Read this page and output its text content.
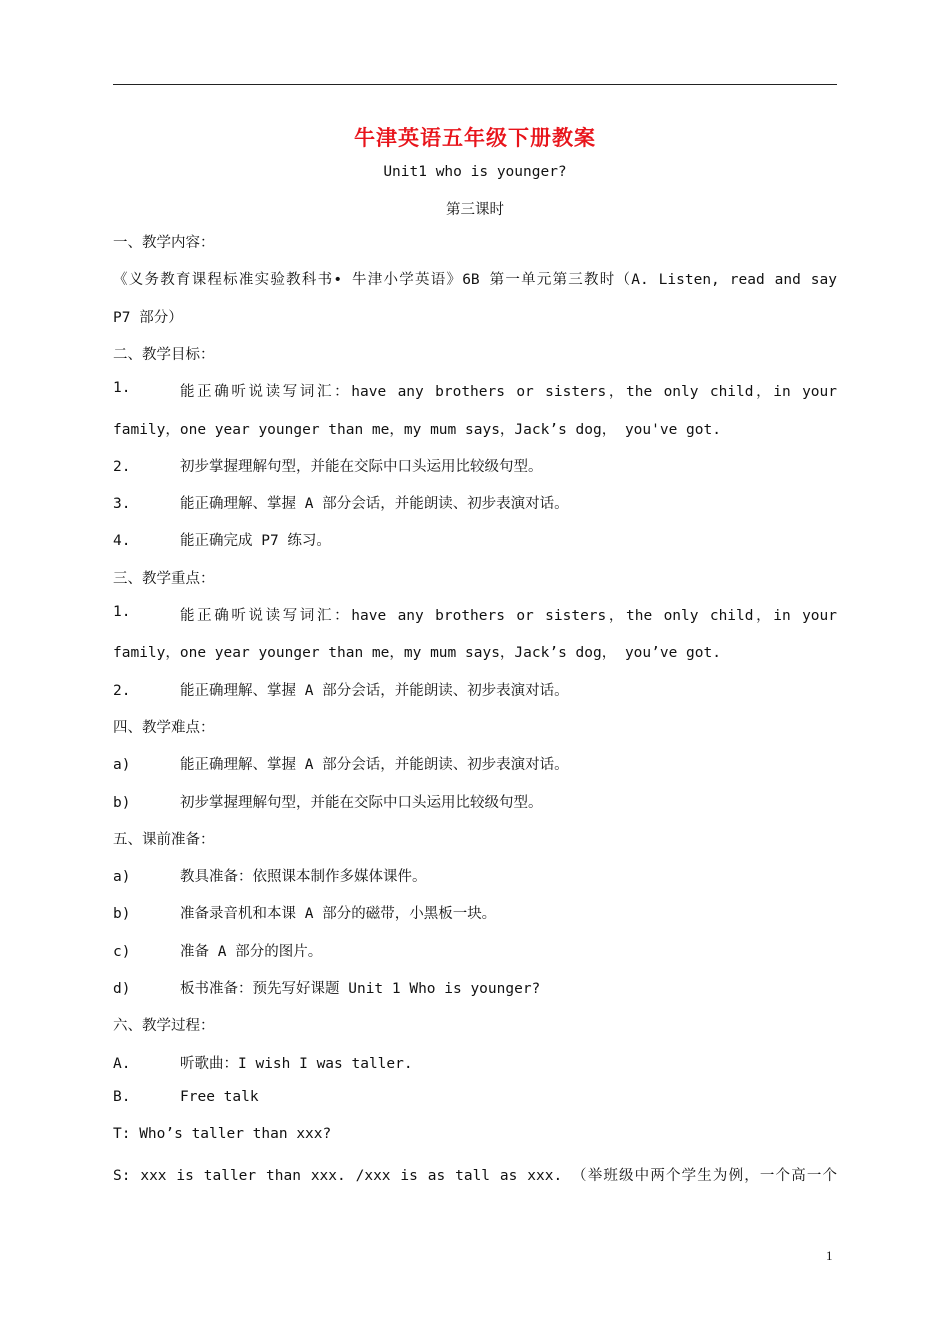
牛津英语五年级下册教案
Unit1 who is younger?
第三课时
一、教学内容：
《义务教育课程标准实验教科书• 牛津小学英语》6B 第一单元第三教时（A. Listen, read and say
P7 部分）
二、教学目标：
1.	能正确听说读写词汇：have any brothers or sisters，the only child，in your
family，one year younger than me，my mum says，Jack’s dog， you've got.
2.	初步掌握理解句型，并能在交际中口头运用比较级句型。
3.	能正确理解、掌握 A 部分会话，并能朗读、初步表演对话。
4.	能正确完成 P7 练习。
三、教学重点：
1.	能正确听说读写词汇：have any brothers or sisters，the only child，in your
family，one year younger than me，my mum says，Jack’s dog， you’ve got.
2.	能正确理解、掌握 A 部分会话，并能朗读、初步表演对话。
四、教学难点：
a)	能正确理解、掌握 A 部分会话，并能朗读、初步表演对话。
b)	初步掌握理解句型，并能在交际中口头运用比较级句型。
五、课前准备：
a)	教具准备：依照课本制作多媒体课件。
b)	准备录音机和本课 A 部分的磁带，小黑板一块。
c)	准备 A 部分的图片。
d)	板书准备：预先写好课题 Unit 1 Who is younger?
六、教学过程：
A.	听歌曲：I wish I was taller.
B.	Free talk
T: Who’s taller than xxx?
S: xxx is taller than xxx. /xxx is as tall as xxx. （举班级中两个学生为例，一个高一个
1
